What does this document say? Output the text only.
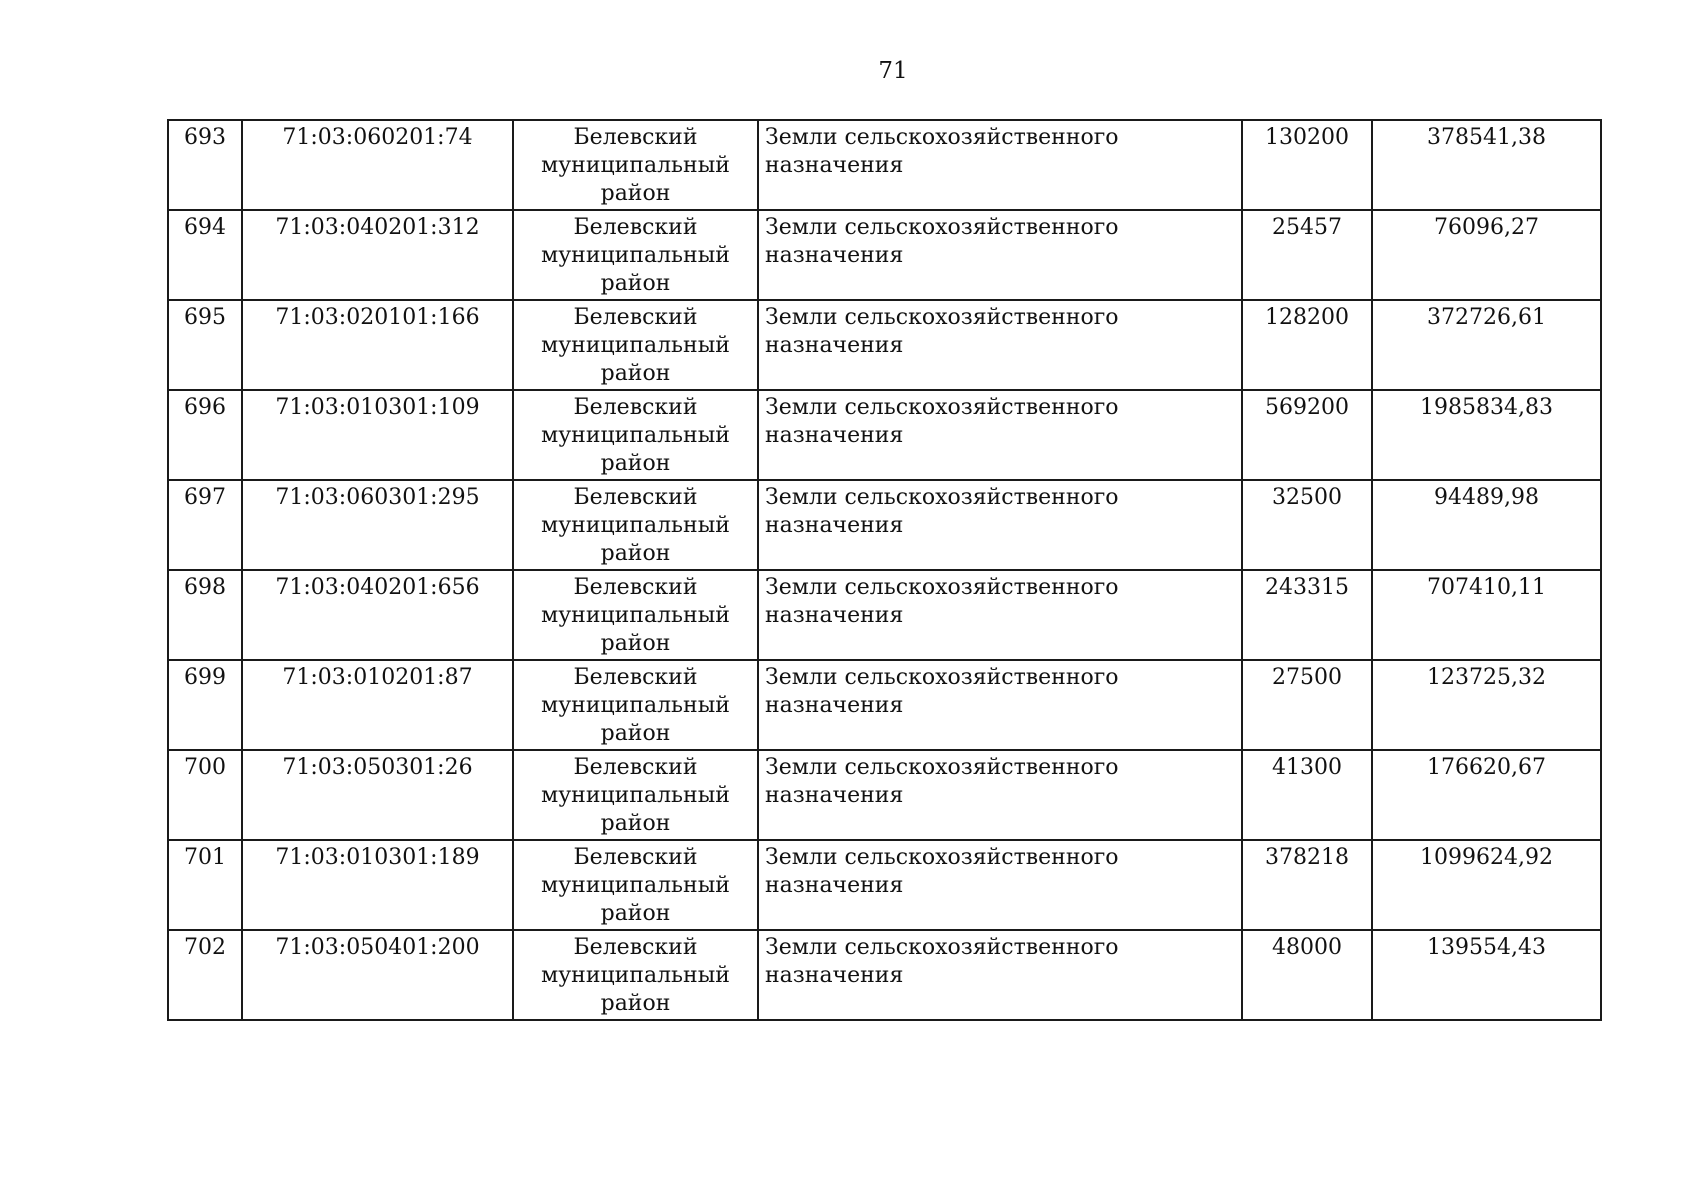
71
693	71:03:060201:74	Белевский муниципальный район	Земли сельскохозяйственного назначения	130200	378541,38
694	71:03:040201:312	Белевский муниципальный район	Земли сельскохозяйственного назначения	25457	76096,27
695	71:03:020101:166	Белевский муниципальный район	Земли сельскохозяйственного назначения	128200	372726,61
696	71:03:010301:109	Белевский муниципальный район	Земли сельскохозяйственного назначения	569200	1985834,83
697	71:03:060301:295	Белевский муниципальный район	Земли сельскохозяйственного назначения	32500	94489,98
698	71:03:040201:656	Белевский муниципальный район	Земли сельскохозяйственного назначения	243315	707410,11
699	71:03:010201:87	Белевский муниципальный район	Земли сельскохозяйственного назначения	27500	123725,32
700	71:03:050301:26	Белевский муниципальный район	Земли сельскохозяйственного назначения	41300	176620,67
701	71:03:010301:189	Белевский муниципальный район	Земли сельскохозяйственного назначения	378218	1099624,92
702	71:03:050401:200	Белевский муниципальный район	Земли сельскохозяйственного назначения	48000	139554,43
